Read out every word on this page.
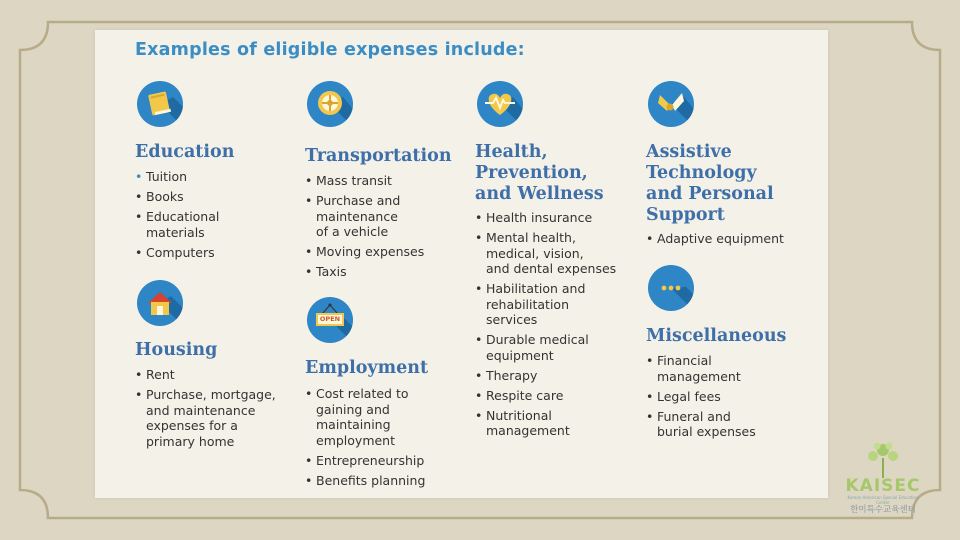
Examples of eligible expenses include:
Education
• Tuition
• Books
• Educational
materials
• Computers
Housing
• Rent
• Purchase, mortgage,
and maintenance
expenses for a
primary home
Transportation
• Mass transit
• Purchase and
maintenance
of a vehicle
• Moving expenses
• Taxis
OPEN
Employment
• Cost related to
gaining and
maintaining
employment
• Entrepreneurship
• Benefits planning
Health,
Prevention,
and Wellness
• Health insurance
• Mental health,
medical, vision,
and dental expenses
• Habilitation and
rehabilitation
services
• Durable medical
equipment
• Therapy
• Respite care
• Nutritional
management
Assistive
Technology
and Personal
Support
• Adaptive equipment
Miscellaneous
• Financial
management
• Legal fees
• Funeral and
burial expenses
KAISEC
Korean American Special Education Center
한미특수교육센터
